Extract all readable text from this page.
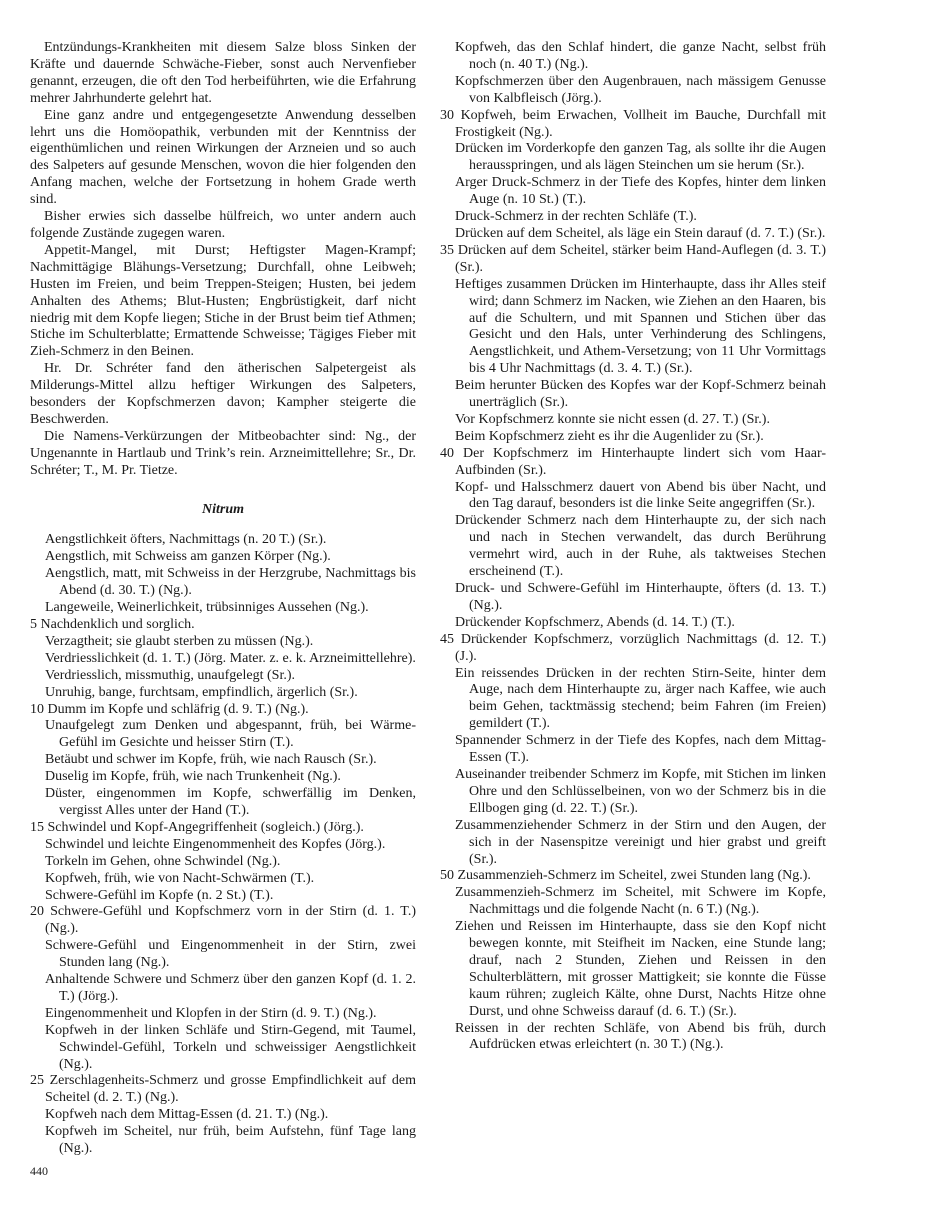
Entzündungs-Krankheiten mit diesem Salze bloss Sinken der Kräfte und dauernde Schwäche-Fieber, sonst auch Nervenfieber genannt, erzeugen, die oft den Tod herbeiführten, wie die Erfahrung mehrer Jahrhunderte gelehrt hat.

Eine ganz andre und entgegengesetzte Anwendung desselben lehrt uns die Homöopathik, verbunden mit der Kenntniss der eigenthümlichen und reinen Wirkungen der Arzneien und so auch des Salpeters auf gesunde Menschen, wovon die hier folgenden den Anfang machen, welche der Fortsetzung in hohem Grade werth sind.

Bisher erwies sich dasselbe hülfreich, wo unter andern auch folgende Zustände zugegen waren.

Appetit-Mangel, mit Durst; Heftigster Magen-Krampf; Nachmittägige Blähungs-Versetzung; Durchfall, ohne Leibweh; Husten im Freien, und beim Treppen-Steigen; Husten, bei jedem Anhalten des Athems; Blut-Husten; Engbrüstigkeit, darf nicht niedrig mit dem Kopfe liegen; Stiche in der Brust beim tief Athmen; Stiche im Schulterblatte; Ermattende Schweisse; Tägiges Fieber mit Zieh-Schmerz in den Beinen.

Hr. Dr. Schréter fand den ätherischen Salpetergeist als Milderungs-Mittel allzu heftiger Wirkungen des Salpeters, besonders der Kopfschmerzen davon; Kampher steigerte die Beschwerden.

Die Namens-Verkürzungen der Mitbeobachter sind: Ng., der Ungenannte in Hartlaub und Trink’s rein. Arzneimittellehre; Sr., Dr. Schréter; T., M. Pr. Tietze.

Nitrum

Aengstlichkeit öfters, Nachmittags (n. 20 T.) (Sr.).

Aengstlich, mit Schweiss am ganzen Körper (Ng.).

Aengstlich, matt, mit Schweiss in der Herzgrube, Nachmittags bis Abend (d. 30. T.) (Ng.).

Langeweile, Weinerlichkeit, trübsinniges Aussehen (Ng.).

5 Nachdenklich und sorglich.

Verzagtheit; sie glaubt sterben zu müssen (Ng.).

Verdriesslichkeit (d. 1. T.) (Jörg. Mater. z. e. k. Arzneimittellehre).

Verdriesslich, missmuthig, unaufgelegt (Sr.).

Unruhig, bange, furchtsam, empfindlich, ärgerlich (Sr.).

10 Dumm im Kopfe und schläfrig (d. 9. T.) (Ng.).

Unaufgelegt zum Denken und abgespannt, früh, bei Wärme-Gefühl im Gesichte und heisser Stirn (T.).

Betäubt und schwer im Kopfe, früh, wie nach Rausch (Sr.).

Duselig im Kopfe, früh, wie nach Trunkenheit (Ng.).

Düster, eingenommen im Kopfe, schwerfällig im Denken, vergisst Alles unter der Hand (T.).

15 Schwindel und Kopf-Angegriffenheit (sogleich.) (Jörg.).

Schwindel und leichte Eingenommenheit des Kopfes (Jörg.).

Torkeln im Gehen, ohne Schwindel (Ng.).

Kopfweh, früh, wie von Nacht-Schwärmen (T.).

Schwere-Gefühl im Kopfe (n. 2 St.) (T.).

20 Schwere-Gefühl und Kopfschmerz vorn in der Stirn (d. 1. T.) (Ng.).

Schwere-Gefühl und Eingenommenheit in der Stirn, zwei Stunden lang (Ng.).

Anhaltende Schwere und Schmerz über den ganzen Kopf (d. 1. 2. T.) (Jörg.).

Eingenommenheit und Klopfen in der Stirn (d. 9. T.) (Ng.).

Kopfweh in der linken Schläfe und Stirn-Gegend, mit Taumel, Schwindel-Gefühl, Torkeln und schweissiger Aengstlichkeit (Ng.).

25 Zerschlagenheits-Schmerz und grosse Empfindlichkeit auf dem Scheitel (d. 2. T.) (Ng.).

Kopfweh nach dem Mittag-Essen (d. 21. T.) (Ng.).

Kopfweh im Scheitel, nur früh, beim Aufstehn, fünf Tage lang (Ng.).

Kopfweh, das den Schlaf hindert, die ganze Nacht, selbst früh noch (n. 40 T.) (Ng.).

Kopfschmerzen über den Augenbrauen, nach mässigem Genusse von Kalbfleisch (Jörg.).

30 Kopfweh, beim Erwachen, Vollheit im Bauche, Durchfall mit Frostigkeit (Ng.).

Drücken im Vorderkopfe den ganzen Tag, als sollte ihr die Augen herausspringen, und als lägen Steinchen um sie herum (Sr.).

Arger Druck-Schmerz in der Tiefe des Kopfes, hinter dem linken Auge (n. 10 St.) (T.).

Druck-Schmerz in der rechten Schläfe (T.).

Drücken auf dem Scheitel, als läge ein Stein darauf (d. 7. T.) (Sr.).

35 Drücken auf dem Scheitel, stärker beim Hand-Auflegen (d. 3. T.) (Sr.).

Heftiges zusammen Drücken im Hinterhaupte, dass ihr Alles steif wird; dann Schmerz im Nacken, wie Ziehen an den Haaren, bis auf die Schultern, und mit Spannen und Stichen über das Gesicht und den Hals, unter Verhinderung des Schlingens, Aengstlichkeit, und Athem-Versetzung; von 11 Uhr Vormittags bis 4 Uhr Nachmittags (d. 3. 4. T.) (Sr.).

Beim herunter Bücken des Kopfes war der Kopf-Schmerz beinah unerträglich (Sr.).

Vor Kopfschmerz konnte sie nicht essen (d. 27. T.) (Sr.).

Beim Kopfschmerz zieht es ihr die Augenlider zu (Sr.).

40 Der Kopfschmerz im Hinterhaupte lindert sich vom Haar-Aufbinden (Sr.).

Kopf- und Halsschmerz dauert von Abend bis über Nacht, und den Tag darauf, besonders ist die linke Seite angegriffen (Sr.).

Drückender Schmerz nach dem Hinterhaupte zu, der sich nach und nach in Stechen verwandelt, das durch Berührung vermehrt wird, auch in der Ruhe, als taktweises Stechen erscheinend (T.).

Druck- und Schwere-Gefühl im Hinterhaupte, öfters (d. 13. T.) (Ng.).

Drückender Kopfschmerz, Abends (d. 14. T.) (T.).

45 Drückender Kopfschmerz, vorzüglich Nachmittags (d. 12. T.) (J.).

Ein reissendes Drücken in der rechten Stirn-Seite, hinter dem Auge, nach dem Hinterhaupte zu, ärger nach Kaffee, wie auch beim Gehen, tacktmässig stechend; beim Fahren (im Freien) gemildert (T.).

Spannender Schmerz in der Tiefe des Kopfes, nach dem Mittag-Essen (T.).

Auseinander treibender Schmerz im Kopfe, mit Stichen im linken Ohre und den Schlüsselbeinen, von wo der Schmerz bis in die Ellbogen ging (d. 22. T.) (Sr.).

Zusammenziehender Schmerz in der Stirn und den Augen, der sich in der Nasenspitze vereinigt und hier grabst und greift (Sr.).

50 Zusammenzieh-Schmerz im Scheitel, zwei Stunden lang (Ng.).

Zusammenzieh-Schmerz im Scheitel, mit Schwere im Kopfe, Nachmittags und die folgende Nacht (n. 6 T.) (Ng.).

Ziehen und Reissen im Hinterhaupte, dass sie den Kopf nicht bewegen konnte, mit Steifheit im Nacken, eine Stunde lang; drauf, nach 2 Stunden, Ziehen und Reissen in den Schulterblättern, mit grosser Mattigkeit; sie konnte die Füsse kaum rühren; zugleich Kälte, ohne Durst, Nachts Hitze ohne Durst, und ohne Schweiss darauf (d. 6. T.) (Sr.).

Reissen in der rechten Schläfe, von Abend bis früh, durch Aufdrücken etwas erleichtert (n. 30 T.) (Ng.).

440
